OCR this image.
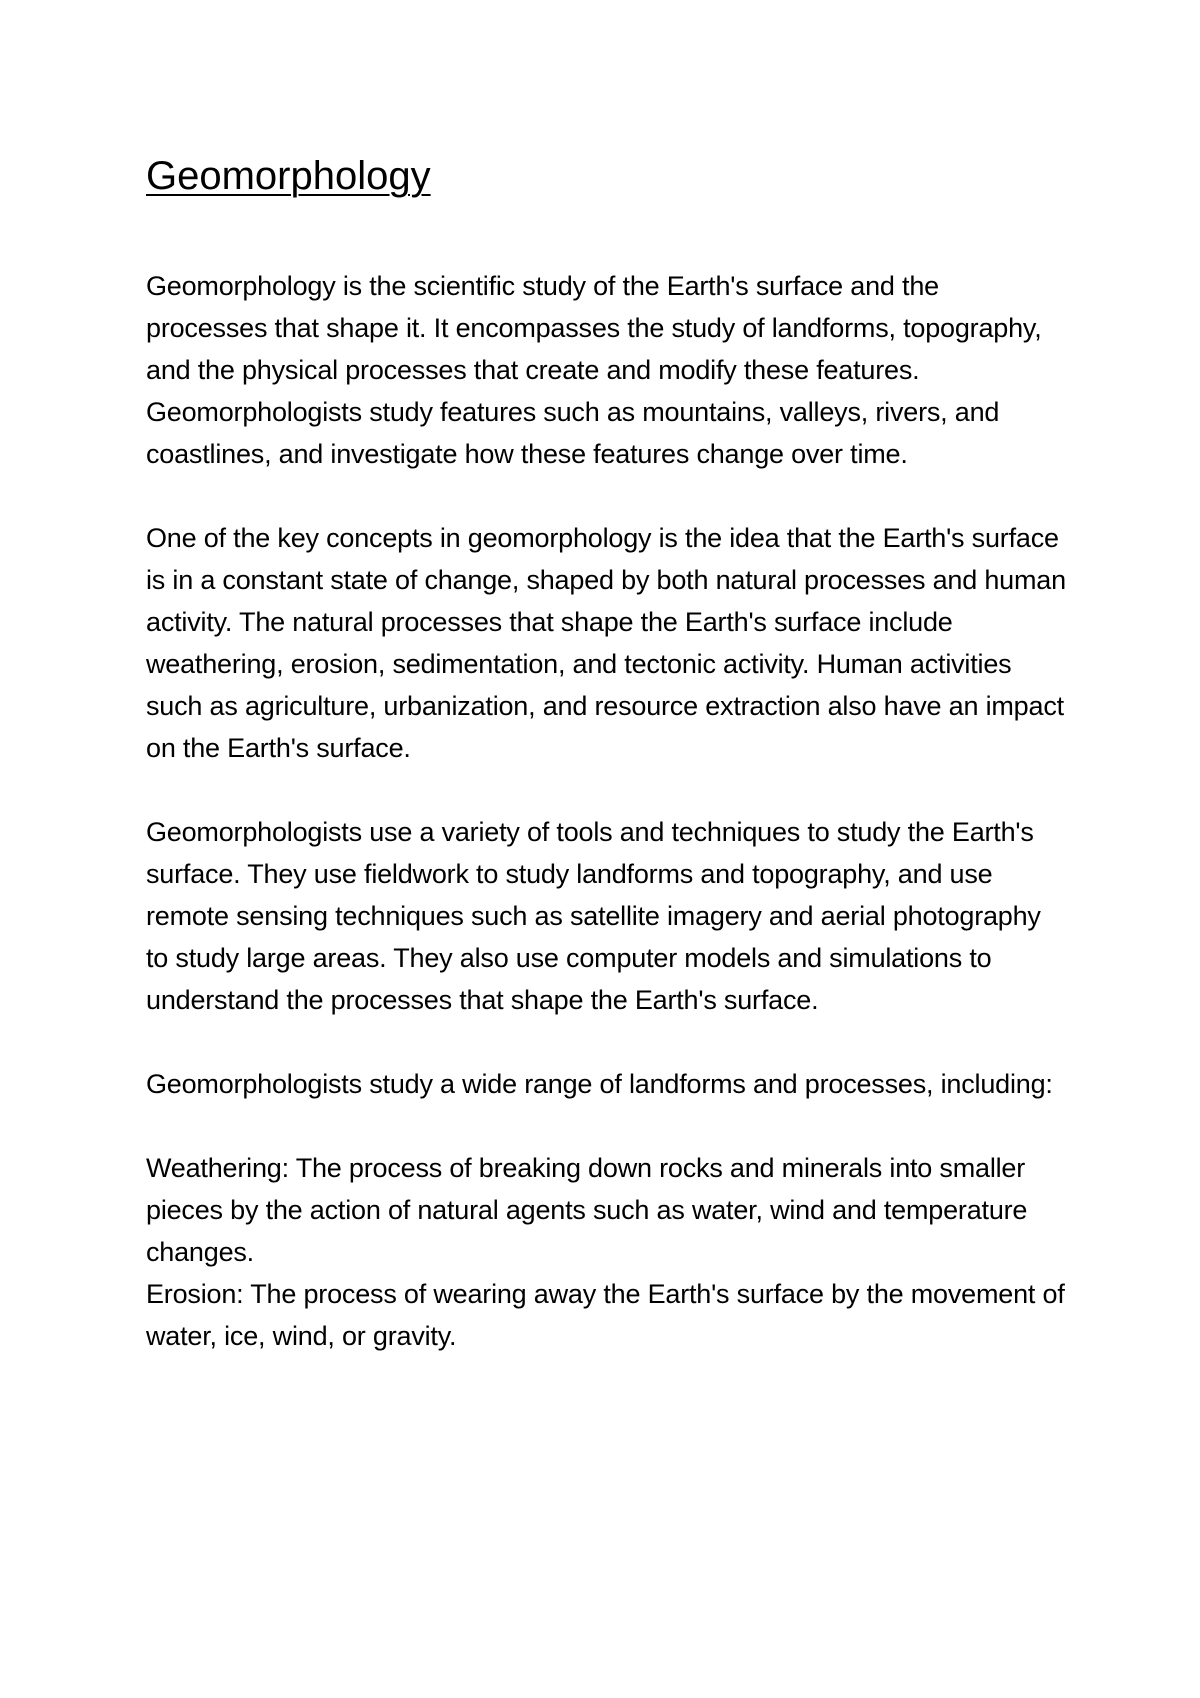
Geomorphology

Geomorphology is the scientific study of the Earth's surface and the processes that shape it. It encompasses the study of landforms, topography, and the physical processes that create and modify these features. Geomorphologists study features such as mountains, valleys, rivers, and coastlines, and investigate how these features change over time.

One of the key concepts in geomorphology is the idea that the Earth's surface is in a constant state of change, shaped by both natural processes and human activity. The natural processes that shape the Earth's surface include weathering, erosion, sedimentation, and tectonic activity. Human activities such as agriculture, urbanization, and resource extraction also have an impact on the Earth's surface.

Geomorphologists use a variety of tools and techniques to study the Earth's surface. They use fieldwork to study landforms and topography, and use remote sensing techniques such as satellite imagery and aerial photography to study large areas. They also use computer models and simulations to understand the processes that shape the Earth's surface.

Geomorphologists study a wide range of landforms and processes, including:

Weathering: The process of breaking down rocks and minerals into smaller pieces by the action of natural agents such as water, wind and temperature changes.

Erosion: The process of wearing away the Earth's surface by the movement of water, ice, wind, or gravity.
